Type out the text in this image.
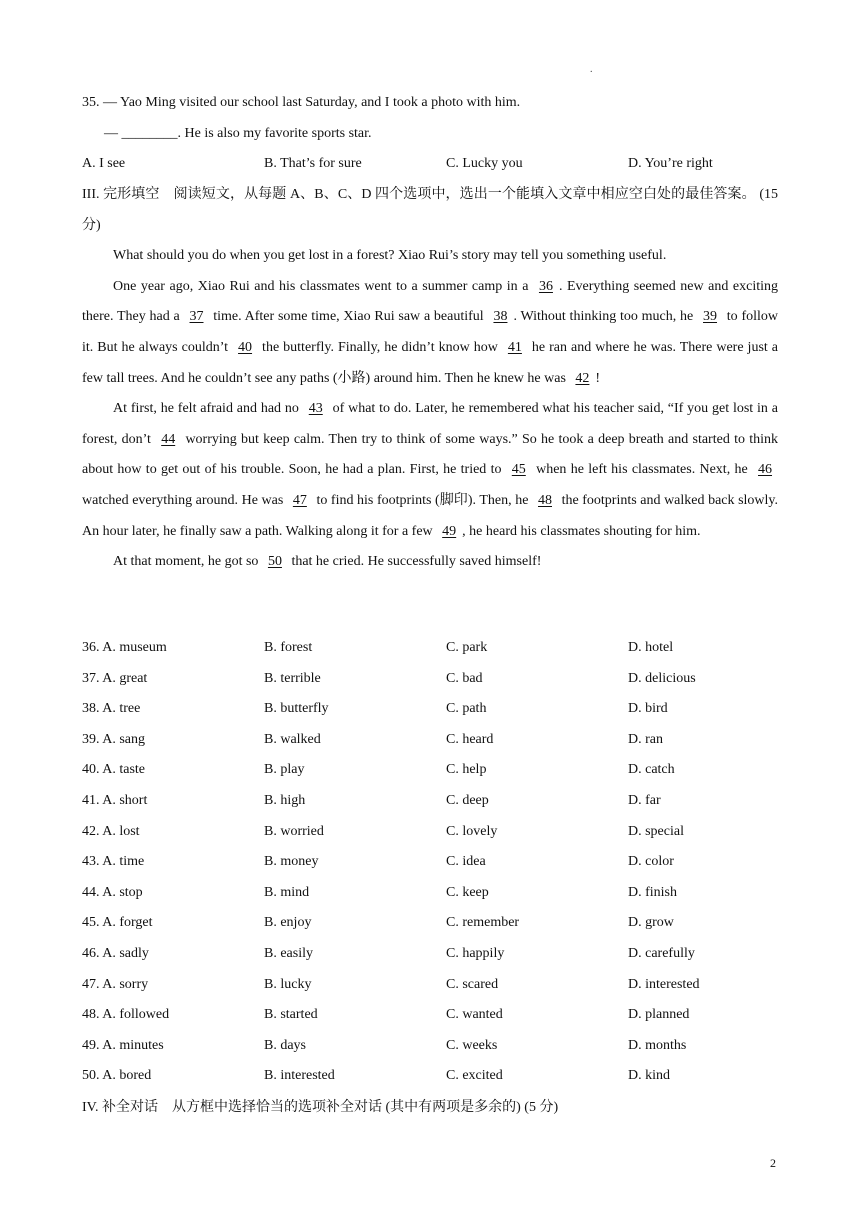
.
35. — Yao Ming visited our school last Saturday, and I took a photo with him.
— ________. He is also my favorite sports star.
A. I see	B. That’s for sure	C. Lucky you	D. You’re right

III. 完形填空　阅读短文，从每题 A、B、C、D 四个选项中，选出一个能填入文章中相应空白处的最佳答案。 (15 分)

What should you do when you get lost in a forest? Xiao Rui’s story may tell you something useful.

One year ago, Xiao Rui and his classmates went to a summer camp in a 36 . Everything seemed new and exciting there. They had a 37 time. After some time, Xiao Rui saw a beautiful 38 . Without thinking too much, he 39 to follow it. But he always couldn’t 40 the butterfly. Finally, he didn’t know how 41 he ran and where he was. There were just a few tall trees. And he couldn’t see any paths (小路) around him. Then he knew he was 42 !

At first, he felt afraid and had no 43 of what to do. Later, he remembered what his teacher said, “If you get lost in a forest, don’t 44 worrying but keep calm. Then try to think of some ways.” So he took a deep breath and started to think about how to get out of his trouble. Soon, he had a plan. First, he tried to 45 when he left his classmates. Next, he 46 watched everything around. He was 47 to find his footprints (脚印). Then, he 48 the footprints and walked back slowly. An hour later, he finally saw a path. Walking along it for a few 49 , he heard his classmates shouting for him.

At that moment, he got so 50 that he cried. He successfully saved himself!

36. A. museum	B. forest	C. park	D. hotel
37. A. great	B. terrible	C. bad	D. delicious
38. A. tree	B. butterfly	C. path	D. bird
39. A. sang	B. walked	C. heard	D. ran
40. A. taste	B. play	C. help	D. catch
41. A. short	B. high	C. deep	D. far
42. A. lost	B. worried	C. lovely	D. special
43. A. time	B. money	C. idea	D. color
44. A. stop	B. mind	C. keep	D. finish
45. A. forget	B. enjoy	C. remember	D. grow
46. A. sadly	B. easily	C. happily	D. carefully
47. A. sorry	B. lucky	C. scared	D. interested
48. A. followed	B. started	C. wanted	D. planned
49. A. minutes	B. days	C. weeks	D. months
50. A. bored	B. interested	C. excited	D. kind
IV. 补全对话　从方框中选择恰当的选项补全对话 (其中有两项是多余的) (5 分)
2
